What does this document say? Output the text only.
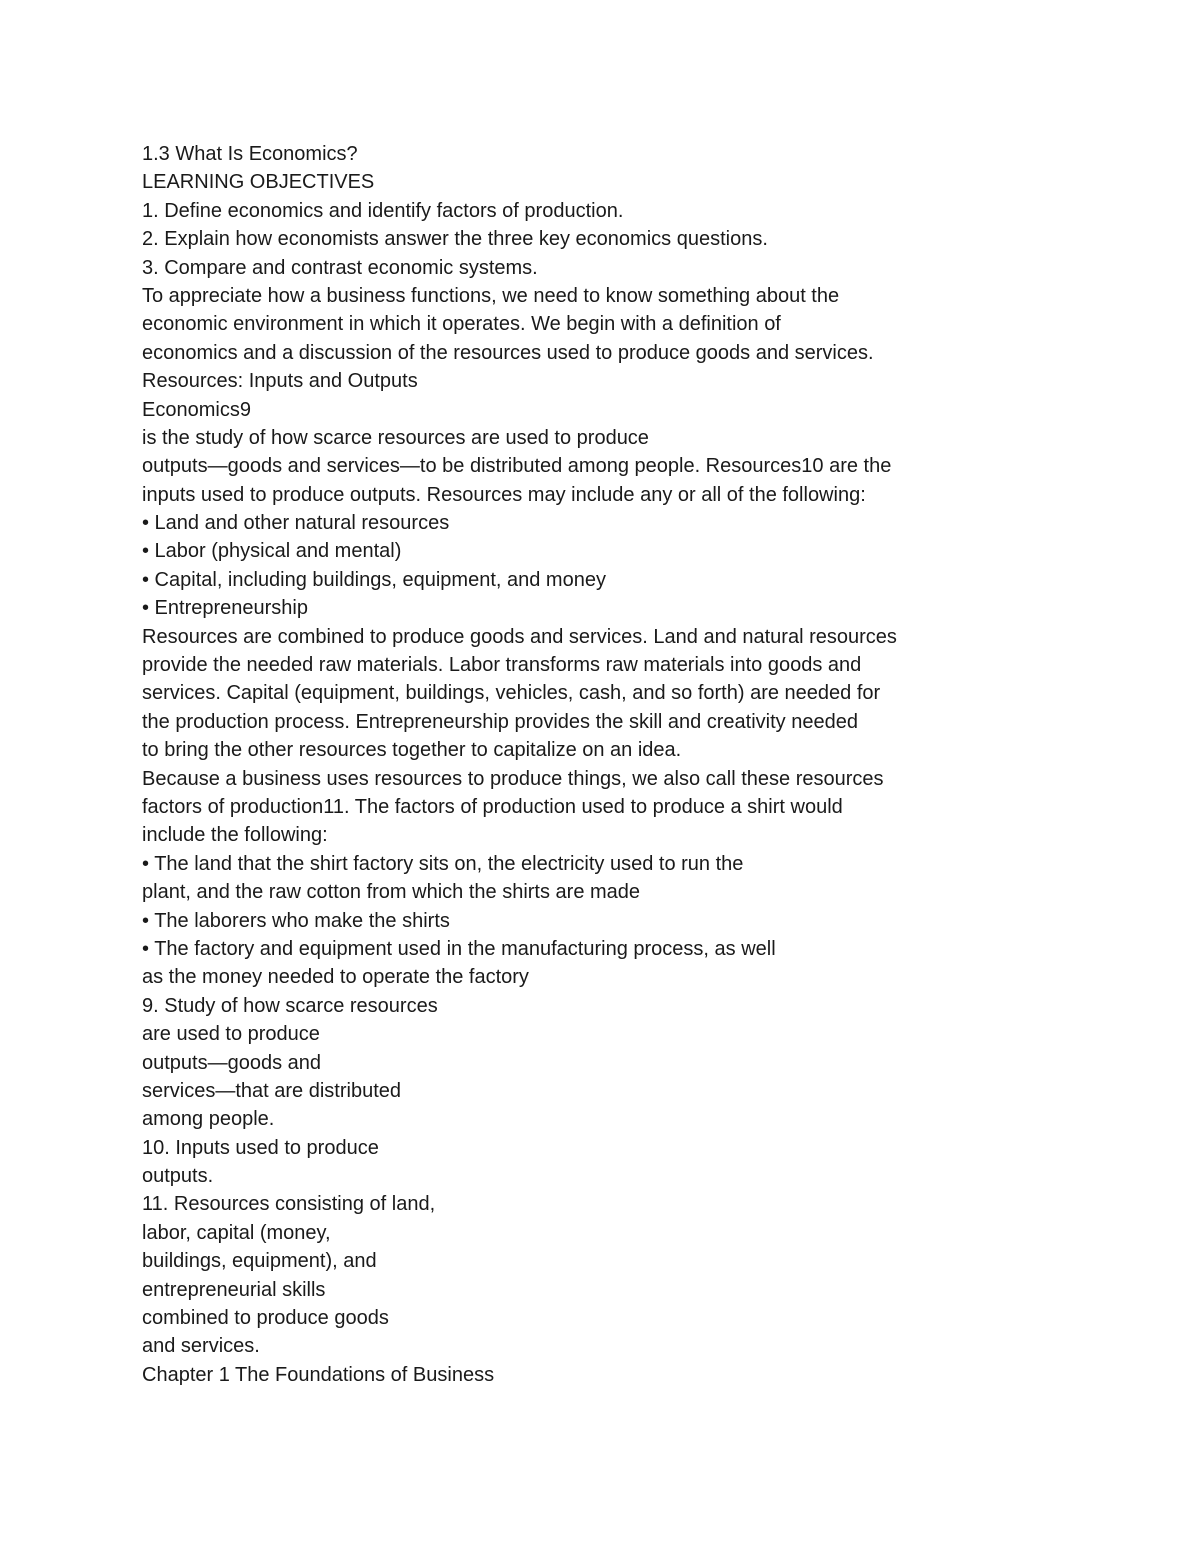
1.3 What Is Economics?
LEARNING OBJECTIVES
1. Define economics and identify factors of production.
2. Explain how economists answer the three key economics questions.
3. Compare and contrast economic systems.
To appreciate how a business functions, we need to know something about the
economic environment in which it operates. We begin with a definition of
economics and a discussion of the resources used to produce goods and services.
Resources: Inputs and Outputs
Economics9
is the study of how scarce resources are used to produce
outputs—goods and services—to be distributed among people. Resources10 are the
inputs used to produce outputs. Resources may include any or all of the following:
• Land and other natural resources
• Labor (physical and mental)
• Capital, including buildings, equipment, and money
• Entrepreneurship
Resources are combined to produce goods and services. Land and natural resources
provide the needed raw materials. Labor transforms raw materials into goods and
services. Capital (equipment, buildings, vehicles, cash, and so forth) are needed for
the production process. Entrepreneurship provides the skill and creativity needed
to bring the other resources together to capitalize on an idea.
Because a business uses resources to produce things, we also call these resources
factors of production11. The factors of production used to produce a shirt would
include the following:
• The land that the shirt factory sits on, the electricity used to run the
plant, and the raw cotton from which the shirts are made
• The laborers who make the shirts
• The factory and equipment used in the manufacturing process, as well
as the money needed to operate the factory
9. Study of how scarce resources
are used to produce
outputs—goods and
services—that are distributed
among people.
10. Inputs used to produce
outputs.
11. Resources consisting of land,
labor, capital (money,
buildings, equipment), and
entrepreneurial skills
combined to produce goods
and services.
Chapter 1 The Foundations of Business
